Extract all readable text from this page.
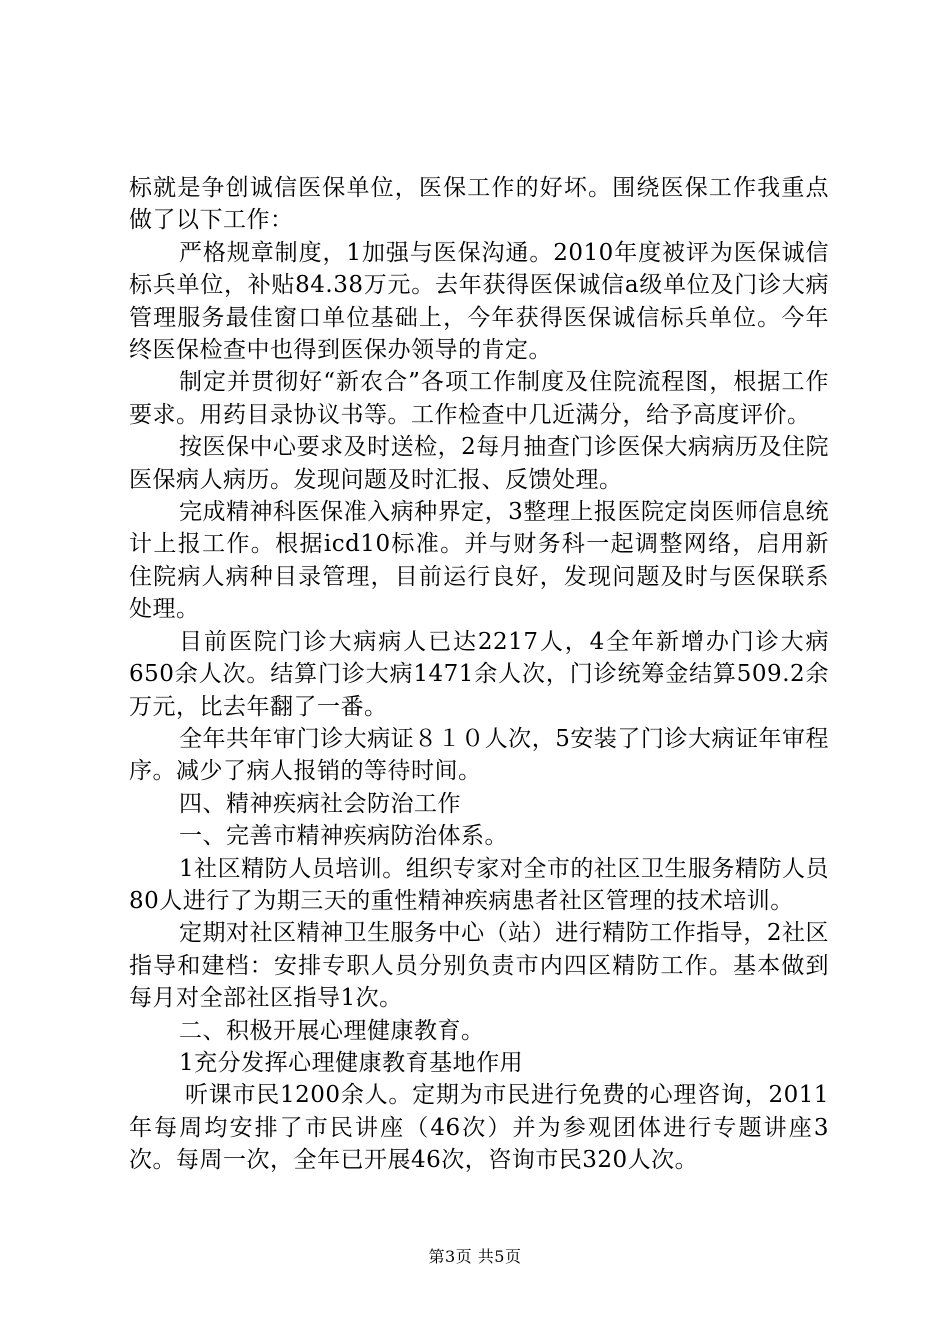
标就是争创诚信医保单位，医保工作的好坏。围绕医保工作我重点做了以下工作：

严格规章制度，1加强与医保沟通。2010年度被评为医保诚信标兵单位，补贴84.38万元。去年获得医保诚信a级单位及门诊大病管理服务最佳窗口单位基础上，今年获得医保诚信标兵单位。今年终医保检查中也得到医保办领导的肯定。

制定并贯彻好“新农合”各项工作制度及住院流程图，根据工作要求。用药目录协议书等。工作检查中几近满分，给予高度评价。

按医保中心要求及时送检，2每月抽查门诊医保大病病历及住院医保病人病历。发现问题及时汇报、反馈处理。

完成精神科医保准入病种界定，3整理上报医院定岗医师信息统计上报工作。根据icd10标准。并与财务科一起调整网络，启用新住院病人病种目录管理，目前运行良好，发现问题及时与医保联系处理。

目前医院门诊大病病人已达2217人，4全年新增办门诊大病650余人次。结算门诊大病1471余人次，门诊统筹金结算509.2余万元，比去年翻了一番。

全年共年审门诊大病证８１０人次，5安装了门诊大病证年审程序。减少了病人报销的等待时间。

四、精神疾病社会防治工作

一、完善市精神疾病防治体系。

1社区精防人员培训。组织专家对全市的社区卫生服务精防人员80人进行了为期三天的重性精神疾病患者社区管理的技术培训。

定期对社区精神卫生服务中心（站）进行精防工作指导，2社区指导和建档：安排专职人员分别负责市内四区精防工作。基本做到每月对全部社区指导1次。

二、积极开展心理健康教育。

1充分发挥心理健康教育基地作用

听课市民1200余人。定期为市民进行免费的心理咨询，2011年每周均安排了市民讲座（46次）并为参观团体进行专题讲座3次。每周一次，全年已开展46次，咨询市民320人次。

第3页 共5页
